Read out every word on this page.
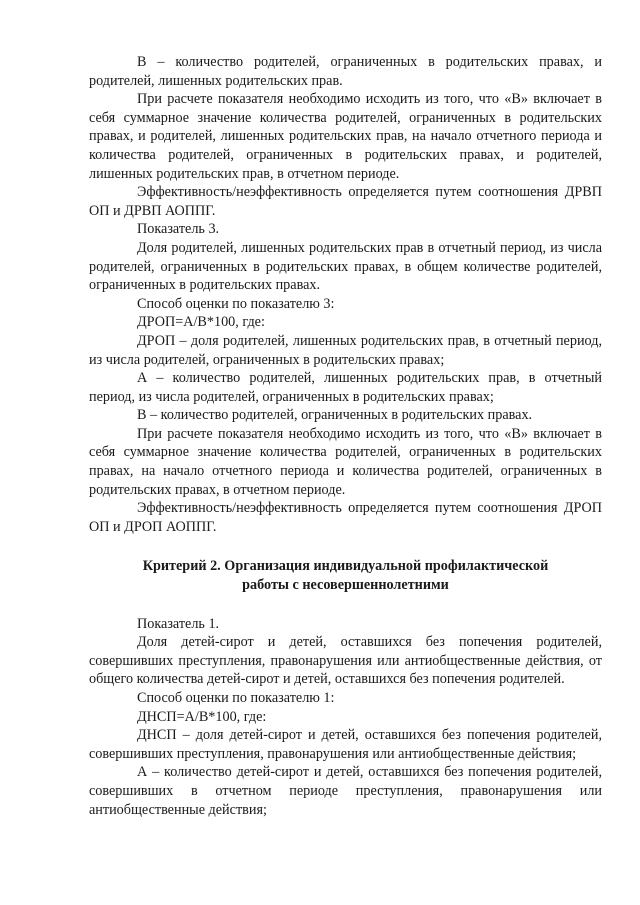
В – количество родителей, ограниченных в родительских правах, и родителей, лишенных родительских прав.

При расчете показателя необходимо исходить из того, что «В» включает в себя суммарное значение количества родителей, ограниченных в родительских правах, и родителей, лишенных родительских прав, на начало отчетного периода и количества родителей, ограниченных в родительских правах, и родителей, лишенных родительских прав, в отчетном периоде.

Эффективность/неэффективность определяется путем соотношения ДРВП ОП и ДРВП АОППГ.

Показатель 3.

Доля родителей, лишенных родительских прав в отчетный период, из числа родителей, ограниченных в родительских правах, в общем количестве родителей, ограниченных в родительских правах.

Способ оценки по показателю 3:

ДРОП=А/В*100, где:

ДРОП – доля родителей, лишенных родительских прав, в отчетный период, из числа родителей, ограниченных в родительских правах;

А – количество родителей, лишенных родительских прав, в отчетный период, из числа родителей, ограниченных в родительских правах;

В – количество родителей, ограниченных в родительских правах.

При расчете показателя необходимо исходить из того, что «В» включает в себя суммарное значение количества родителей, ограниченных в родительских правах, на начало отчетного периода и количества родителей, ограниченных в родительских правах, в отчетном периоде.

Эффективность/неэффективность определяется путем соотношения ДРОП ОП и ДРОП АОППГ.

Критерий 2. Организация индивидуальной профилактической
работы с несовершеннолетними

Показатель 1.

Доля детей-сирот и детей, оставшихся без попечения родителей, совершивших преступления, правонарушения или антиобщественные действия, от общего количества детей-сирот и детей, оставшихся без попечения родителей.

Способ оценки по показателю 1:

ДНСП=А/В*100, где:

ДНСП – доля детей-сирот и детей, оставшихся без попечения родителей, совершивших преступления, правонарушения или антиобщественные действия;

А – количество детей-сирот и детей, оставшихся без попечения родителей, совершивших в отчетном периоде преступления, правонарушения или антиобщественные действия;
